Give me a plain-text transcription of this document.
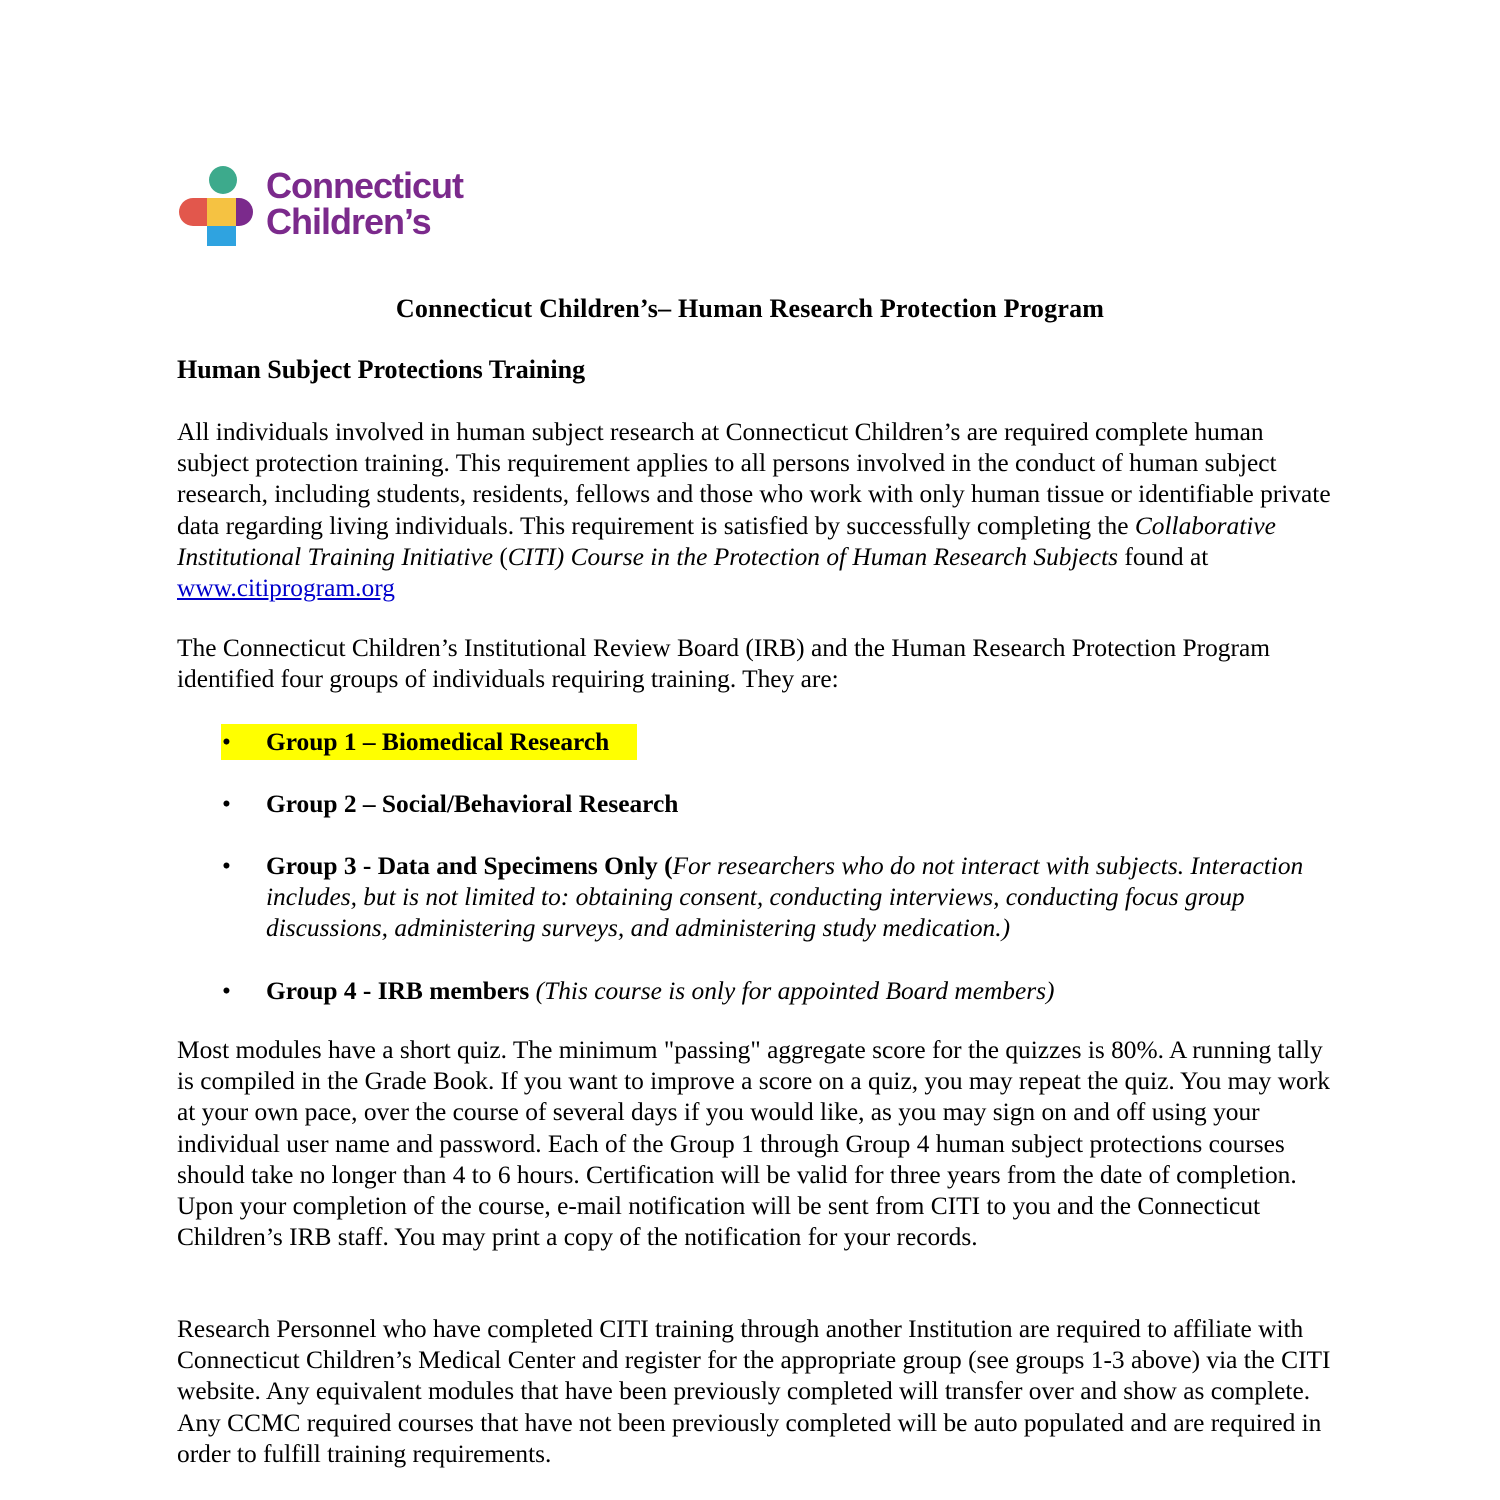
Connecticut
Children’s
Connecticut Children’s– Human Research Protection Program
Human Subject Protections Training
All individuals involved in human subject research at Connecticut Children’s are required complete human subject protection training. This requirement applies to all persons involved in the conduct of human subject research, including students, residents, fellows and those who work with only human tissue or identifiable private data regarding living individuals. This requirement is satisfied by successfully completing the Collaborative Institutional Training Initiative (CITI) Course in the Protection of Human Research Subjects found at www.citiprogram.org
The Connecticut Children’s Institutional Review Board (IRB) and the Human Research Protection Program identified four groups of individuals requiring training. They are:
•	Group 1 – Biomedical Research
•	Group 2 – Social/Behavioral Research
•	Group 3 - Data and Specimens Only (For researchers who do not interact with subjects. Interaction includes, but is not limited to: obtaining consent, conducting interviews, conducting focus group discussions, administering surveys, and administering study medication.)
•	Group 4 - IRB members (This course is only for appointed Board members)
Most modules have a short quiz. The minimum "passing" aggregate score for the quizzes is 80%. A running tally is compiled in the Grade Book. If you want to improve a score on a quiz, you may repeat the quiz. You may work at your own pace, over the course of several days if you would like, as you may sign on and off using your individual user name and password. Each of the Group 1 through Group 4 human subject protections courses should take no longer than 4 to 6 hours. Certification will be valid for three years from the date of completion. Upon your completion of the course, e-mail notification will be sent from CITI to you and the Connecticut Children’s IRB staff. You may print a copy of the notification for your records.
Research Personnel who have completed CITI training through another Institution are required to affiliate with Connecticut Children’s Medical Center and register for the appropriate group (see groups 1-3 above) via the CITI website. Any equivalent modules that have been previously completed will transfer over and show as complete. Any CCMC required courses that have not been previously completed will be auto populated and are required in order to fulfill training requirements.
